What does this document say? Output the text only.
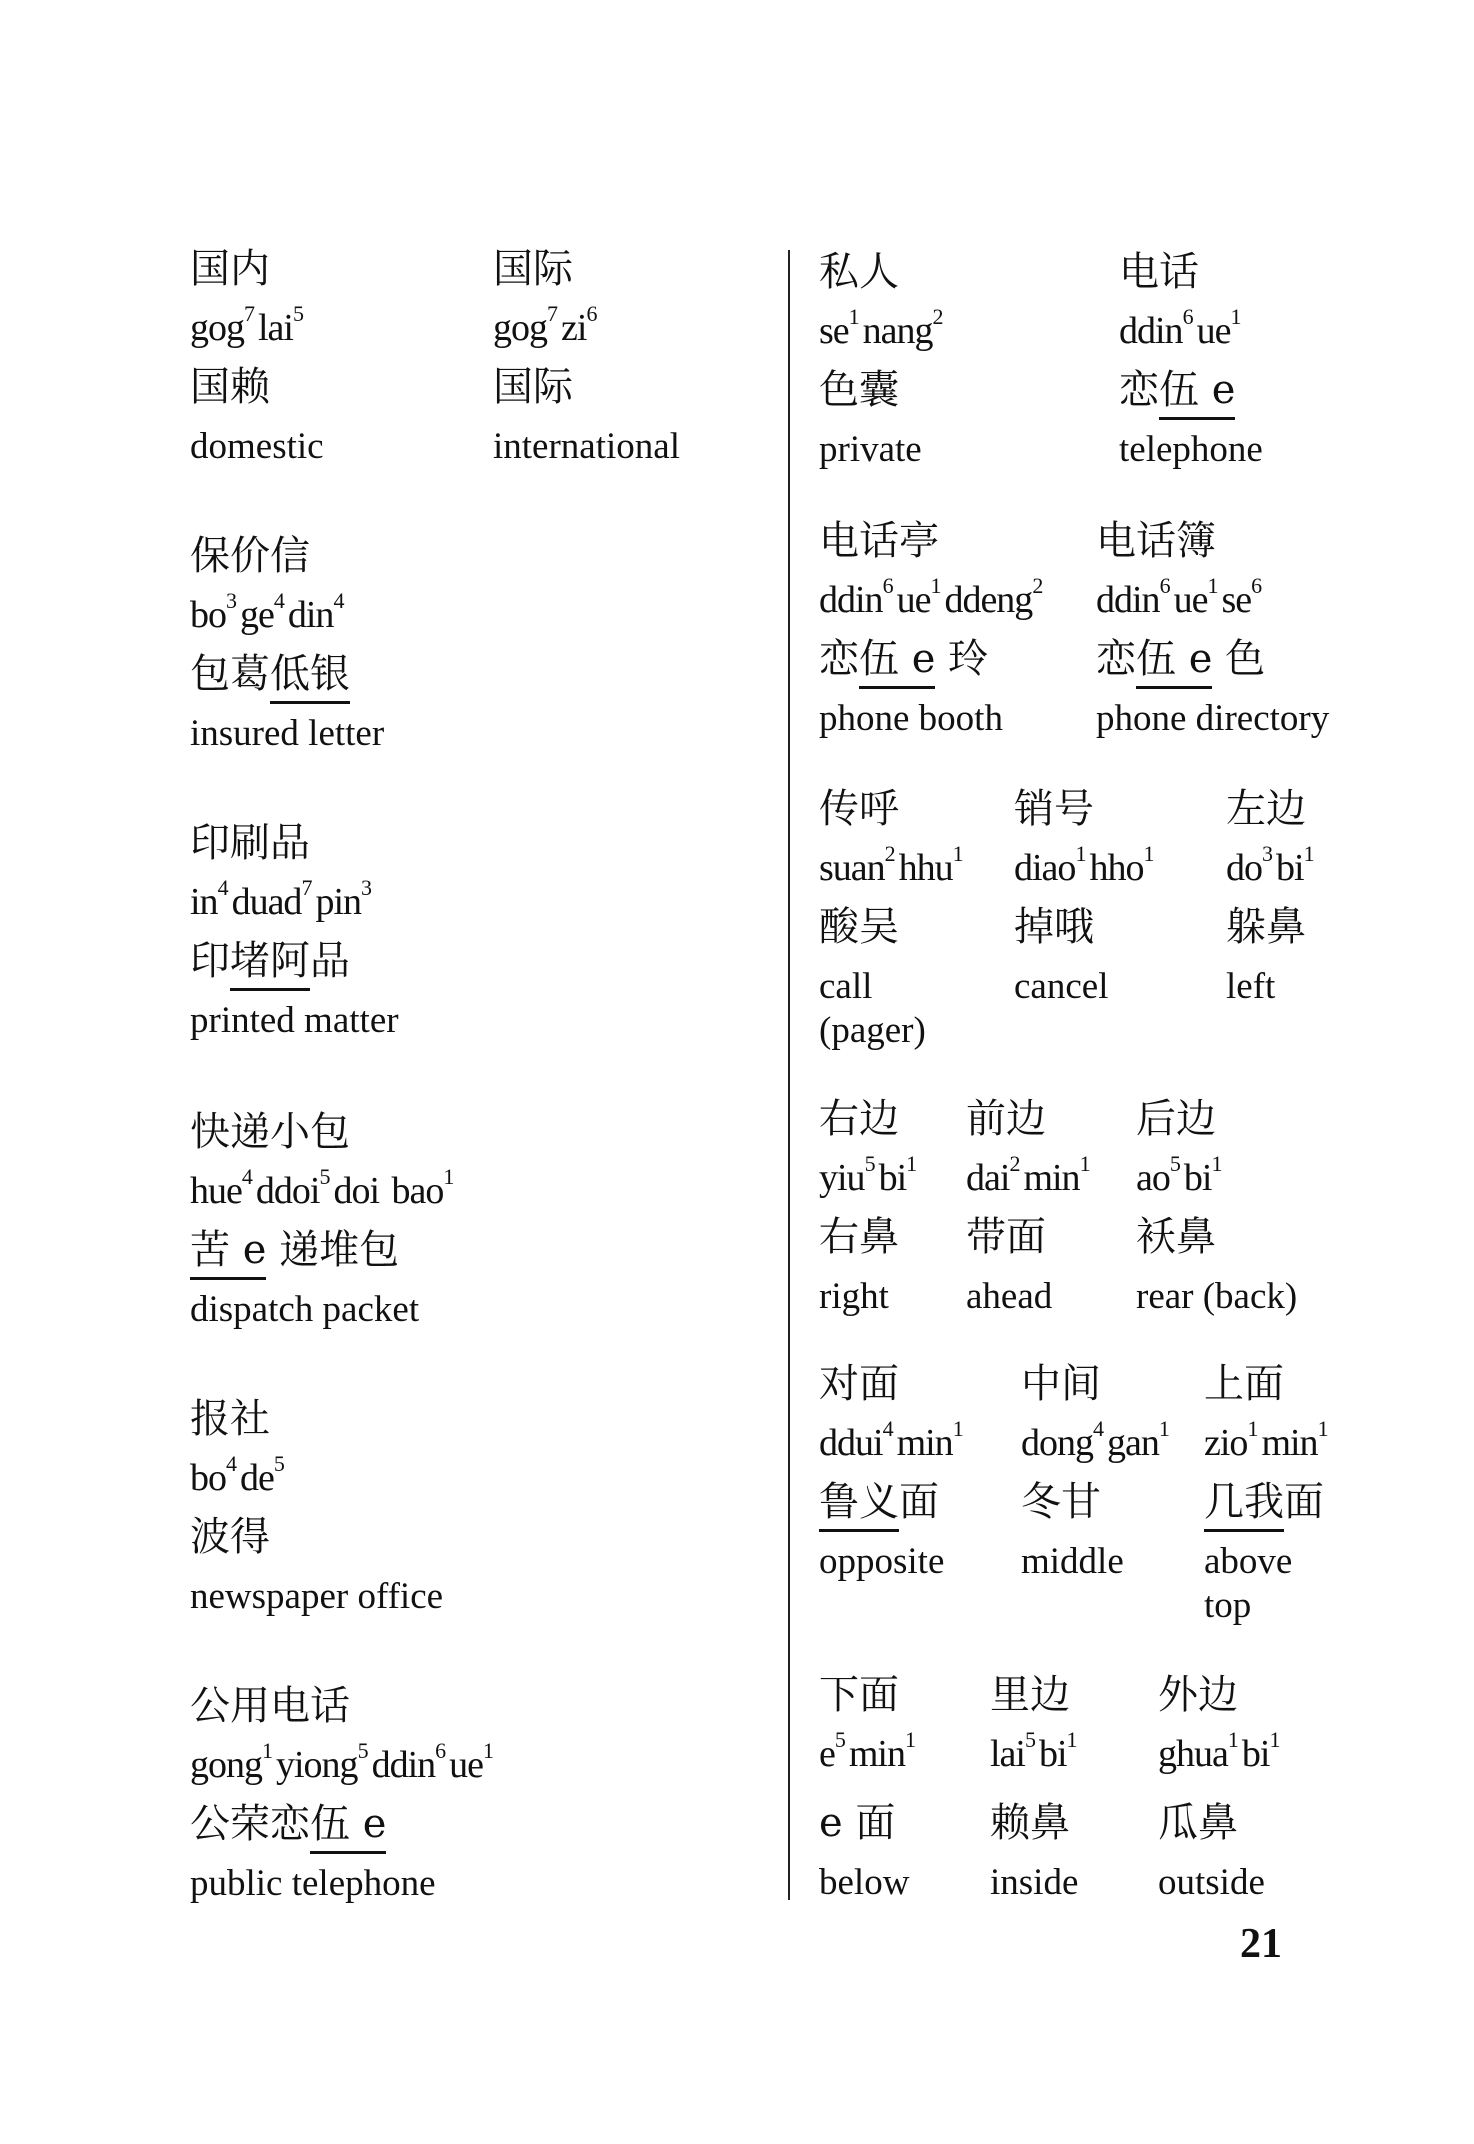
21
国内
gog$^7$ lai$^5$
国赖
domestic
国际
gog$^7$ $zi^6$
国际
international
保价信
$bo^3$ $ge^4$ din$^4$
包葛低银
insured letter
印刷品
$in^4$ duad$^7$ pin$^3$
印堵阿品
printed matter
快递小包
hue$^4$ ddoi$^5$ doi bao$^1$
苦 e 递堆包
dispatch packet
报社
$bo^4$ $de^5$
波得
newspaper office
公用电话
gong$^1$ yiong$^5$ ddin$^6$ $ue^1$
公荣恋伍 e
public telephone
私人
$se^1$ nang$^2$
色囊
private
电话
ddin$^6$ $ue^1$
恋伍 e
telephone
电话亭
ddin$^6$ $ue^1$ ddeng$^2$
恋伍 e 玲
phone booth
电话簿
ddin$^6$ $ue^1$ $se^6$
恋伍 e 色
phone directory
传呼
suan$^2$ hhu$^1$
酸吴
call
(pager)
销号
diao$^1$ hho$^1$
掉哦
cancel
左边
$do^3$ $bi^1$
躲鼻
left
右边
yiu$^5$ $bi^1$
右鼻
right
前边
dai$^2$ $\min^1$
带面
ahead
后边
$ao^5$ $bi^1$
袄鼻
rear (back)
对面
ddui$^4$ $\min^1$
鲁义面
opposite
中间
dong$^4$ gan$^1$
冬甘
middle
上面
zio$^1$ $\min^1$
几我面
above
top
下面
$e^5$ $\min^1$
e 面
below
里边
lai$^5$ $bi^1$
赖鼻
inside
外边
ghua$^1$ $bi^1$
瓜鼻
outside
